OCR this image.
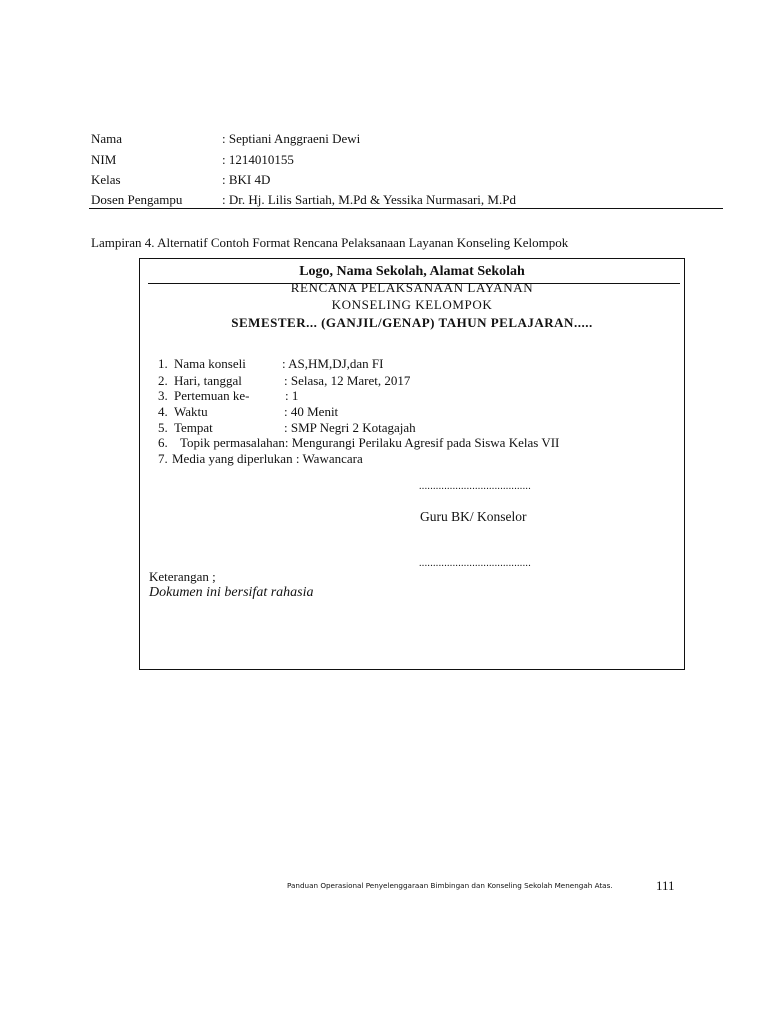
Nama	: Septiani Anggraeni Dewi
NIM	: 1214010155
Kelas	: BKI 4D
Dosen Pengampu	: Dr. Hj. Lilis Sartiah, M.Pd & Yessika Nurmasari, M.Pd
Lampiran 4. Alternatif Contoh Format Rencana Pelaksanaan Layanan Konseling Kelompok
Logo, Nama Sekolah, Alamat Sekolah
RENCANA PELAKSANAAN LAYANAN
KONSELING KELOMPOK
SEMESTER... (GANJIL/GENAP) TAHUN PELAJARAN.....
1. Nama konseli	: AS,HM,DJ,dan FI
2. Hari, tanggal	: Selasa, 12 Maret, 2017
3. Pertemuan ke-	: 1
4. Waktu	: 40 Menit
5. Tempat	: SMP Negri 2 Kotagajah
6. Topik permasalahan: Mengurangi Perilaku Agresif pada Siswa Kelas VII
7. Media yang diperlukan : Wawancara
........................................
Guru BK/ Konselor
........................................
Keterangan ;
Dokumen ini bersifat rahasia
Panduan Operasional Penyelenggaraan Bimbingan dan Konseling Sekolah Menengah Atas.	111
